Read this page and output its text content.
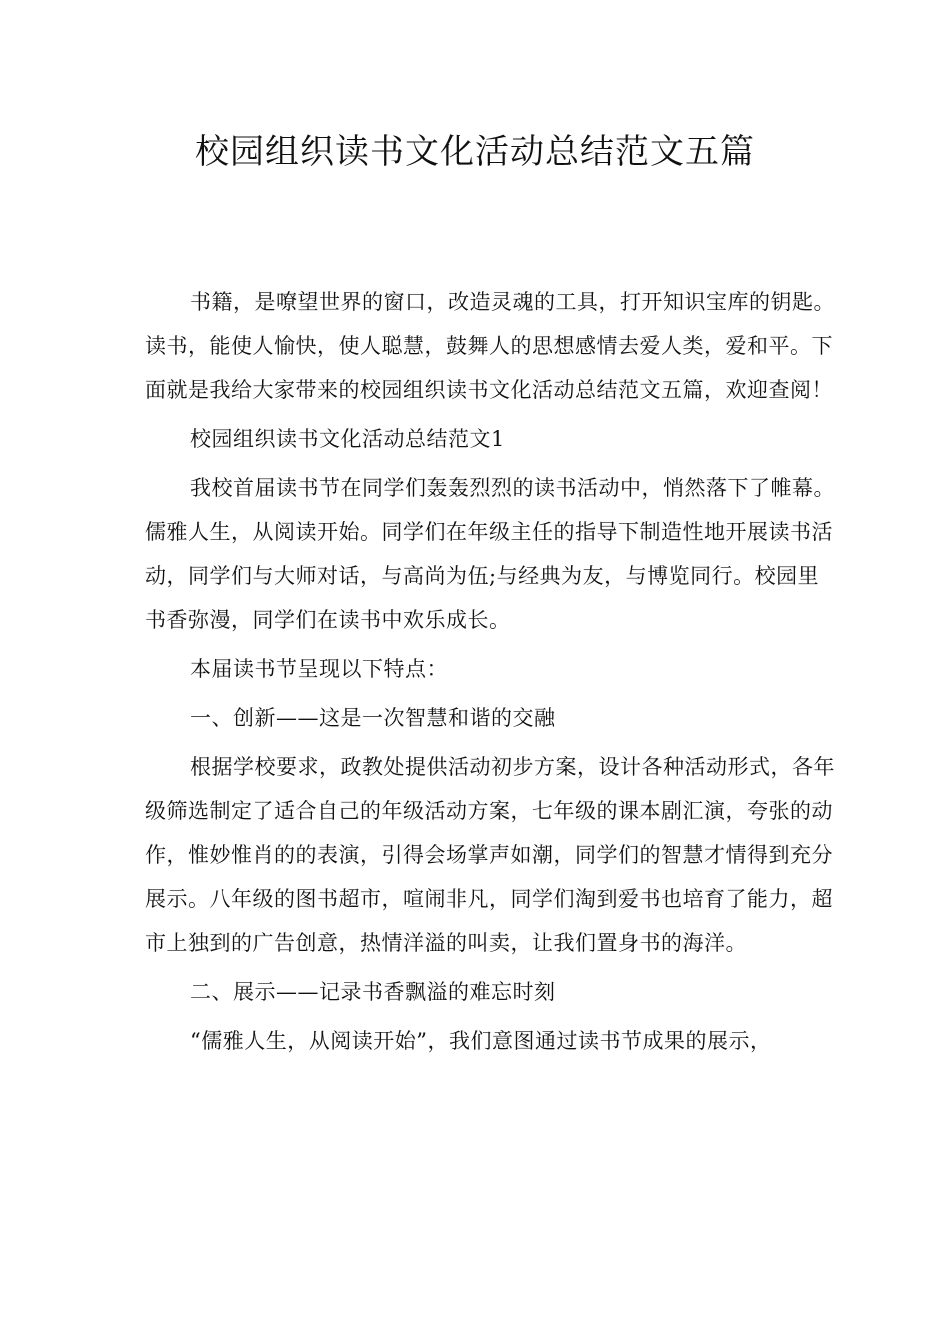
校园组织读书文化活动总结范文五篇

书籍，是嘹望世界的窗口，改造灵魂的工具，打开知识宝库的钥匙。读书，能使人愉快，使人聪慧，鼓舞人的思想感情去爱人类，爱和平。下面就是我给大家带来的校园组织读书文化活动总结范文五篇，欢迎查阅！

校园组织读书文化活动总结范文1

我校首届读书节在同学们轰轰烈烈的读书活动中，悄然落下了帷幕。儒雅人生，从阅读开始。同学们在年级主任的指导下制造性地开展读书活动，同学们与大师对话，与高尚为伍;与经典为友，与博览同行。校园里书香弥漫，同学们在读书中欢乐成长。

本届读书节呈现以下特点：

一、创新——这是一次智慧和谐的交融

根据学校要求，政教处提供活动初步方案，设计各种活动形式，各年级筛选制定了适合自己的年级活动方案，七年级的课本剧汇演，夸张的动作，惟妙惟肖的的表演，引得会场掌声如潮，同学们的智慧才情得到充分展示。八年级的图书超市，喧闹非凡，同学们淘到爱书也培育了能力，超市上独到的广告创意，热情洋溢的叫卖，让我们置身书的海洋。

二、展示——记录书香飘溢的难忘时刻

“儒雅人生，从阅读开始”，我们意图通过读书节成果的展示，
